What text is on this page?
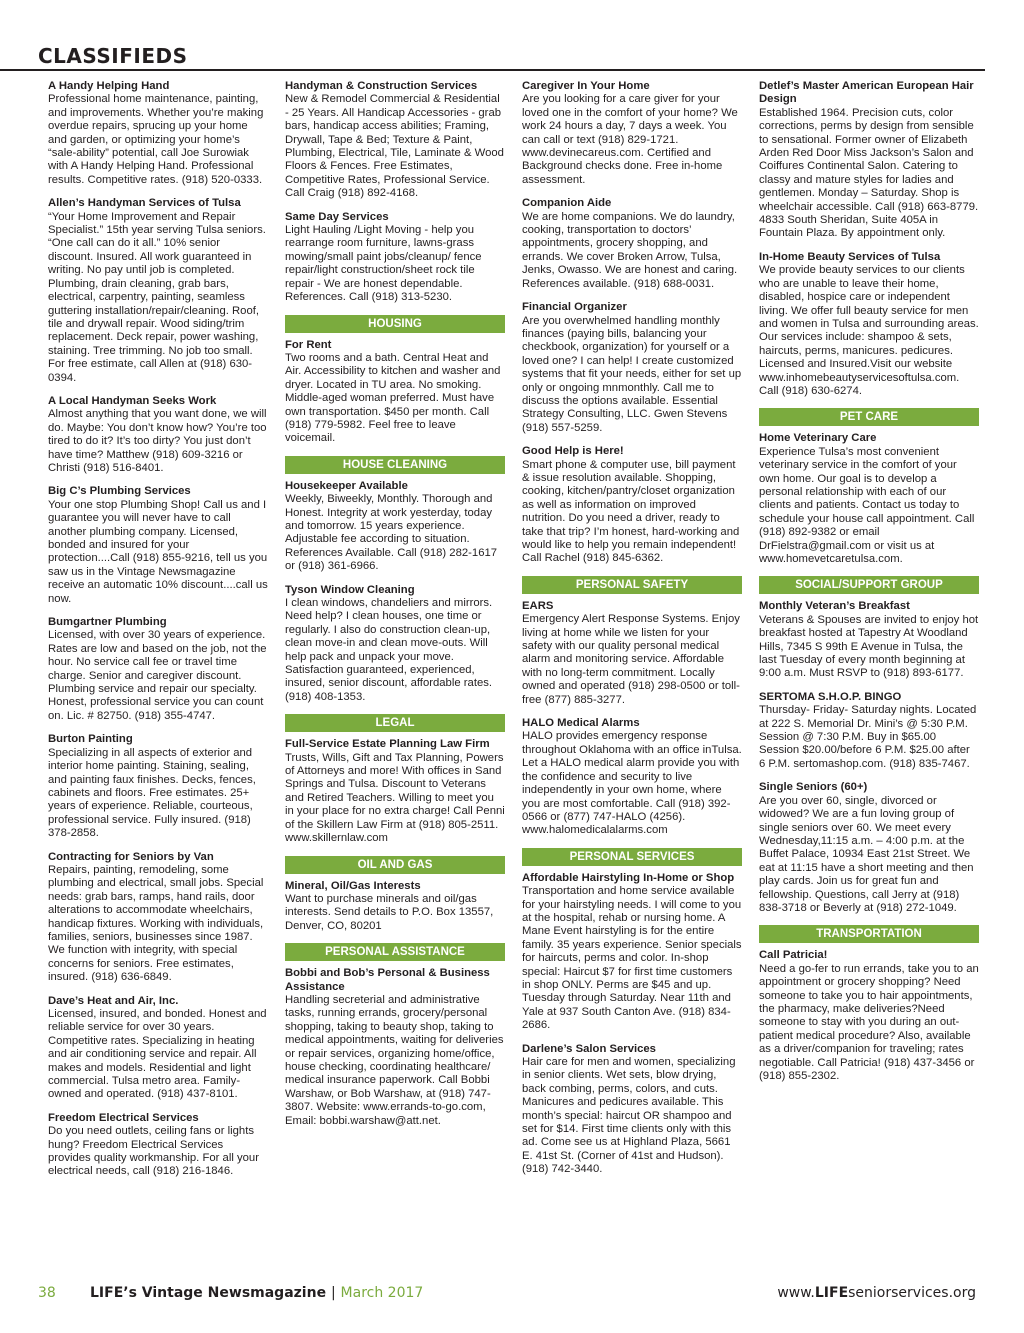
CLASSIFIEDS
A Handy Helping Hand
Professional home maintenance, painting, and improvements. Whether you’re making overdue repairs, sprucing up your home and garden, or optimizing your home’s “sale-ability” potential, call Joe Surowiak with A Handy Helping Hand. Professional results. Competitive rates. (918) 520-0333.
Allen’s Handyman Services of Tulsa
“Your Home Improvement and Repair Specialist.” 15th year serving Tulsa seniors. “One call can do it all.” 10% senior discount. Insured. All work guaranteed in writing. No pay until job is completed. Plumbing, drain cleaning, grab bars, electrical, carpentry, painting, seamless guttering installation/repair/cleaning. Roof, tile and drywall repair. Wood siding/trim replacement. Deck repair, power washing, staining. Tree trimming. No job too small. For free estimate, call Allen at (918) 630-0394.
A Local Handyman Seeks Work
Almost anything that you want done, we will do. Maybe: You don’t know how? You’re too tired to do it? It’s too dirty? You just don’t have time? Matthew (918) 609-3216 or Christi (918) 516-8401.
Big C’s Plumbing Services
Your one stop Plumbing Shop! Call us and I guarantee you will never have to call another plumbing company. Licensed, bonded and insured for your protection....Call (918) 855-9216, tell us you saw us in the Vintage Newsmagazine receive an automatic 10% discount....call us now.
Bumgartner Plumbing
Licensed, with over 30 years of experience. Rates are low and based on the job, not the hour. No service call fee or travel time charge. Senior and caregiver discount. Plumbing service and repair our specialty. Honest, professional service you can count on. Lic. # 82750. (918) 355-4747.
Burton Painting
Specializing in all aspects of exterior and interior home painting. Staining, sealing, and painting faux finishes. Decks, fences, cabinets and floors. Free estimates. 25+ years of experience. Reliable, courteous, professional service. Fully insured. (918) 378-2858.
Contracting for Seniors by Van
Repairs, painting, remodeling, some plumbing and electrical, small jobs. Special needs: grab bars, ramps, hand rails, door alterations to accommodate wheelchairs, handicap fixtures. Working with individuals, families, seniors, businesses since 1987. We function with integrity, with special concerns for seniors. Free estimates, insured. (918) 636-6849.
Dave’s Heat and Air, Inc.
Licensed, insured, and bonded. Honest and reliable service for over 30 years. Competitive rates. Specializing in heating and air conditioning service and repair. All makes and models. Residential and light commercial. Tulsa metro area. Family-owned and operated. (918) 437-8101.
Freedom Electrical Services
Do you need outlets, ceiling fans or lights hung? Freedom Electrical Services provides quality workmanship. For all your electrical needs, call (918) 216-1846.
Handyman & Construction Services
New & Remodel Commercial & Residential - 25 Years. All Handicap Accessories - grab bars, handicap access abilities; Framing, Drywall, Tape & Bed; Texture & Paint, Plumbing, Electrical, Tile, Laminate & Wood Floors & Fences. Free Estimates, Competitive Rates, Professional Service. Call Craig (918) 892-4168.
Same Day Services
Light Hauling /Light Moving - help you rearrange room furniture, lawns-grass mowing/small paint jobs/cleanup/ fence repair/light construction/sheet rock tile repair - We are honest dependable. References. Call (918) 313-5230.
HOUSING
For Rent
Two rooms and a bath. Central Heat and Air. Accessibility to kitchen and washer and dryer. Located in TU area. No smoking. Middle-aged woman preferred. Must have own transportation. $450 per month. Call (918) 779-5982. Feel free to leave voicemail.
HOUSE CLEANING
Housekeeper Available
Weekly, Biweekly, Monthly. Thorough and Honest. Integrity at work yesterday, today and tomorrow. 15 years experience. Adjustable fee according to situation. References Available. Call (918) 282-1617 or (918) 361-6966.
Tyson Window Cleaning
I clean windows, chandeliers and mirrors. Need help? I clean houses, one time or regularly. I also do construction clean-up, clean move-in and clean move-outs. Will help pack and unpack your move. Satisfaction guaranteed, experienced, insured, senior discount, affordable rates. (918) 408-1353.
LEGAL
Full-Service Estate Planning Law Firm
Trusts, Wills, Gift and Tax Planning, Powers of Attorneys and more! With offices in Sand Springs and Tulsa. Discount to Veterans and Retired Teachers. Willing to meet you in your place for no extra charge! Call Penni of the Skillern Law Firm at (918) 805-2511. www.skillernlaw.com
OIL AND GAS
Mineral, Oil/Gas Interests
Want to purchase minerals and oil/gas interests. Send details to P.O. Box 13557, Denver, CO, 80201
PERSONAL ASSISTANCE
Bobbi and Bob’s Personal & Business Assistance
Handling secreterial and administrative tasks, running errands, grocery/personal shopping, taking to beauty shop, taking to medical appointments, waiting for deliveries or repair services, organizing home/office, house checking, coordinating healthcare/ medical insurance paperwork. Call Bobbi Warshaw, or Bob Warshaw, at (918) 747-3807. Website: www.errands-to-go.com, Email: bobbi.warshaw@att.net.
Caregiver In Your Home
Are you looking for a care giver for your loved one in the comfort of your home? We work 24 hours a day, 7 days a week. You can call or text (918) 829-1721. www.devinecareus.com. Certified and Background checks done. Free in-home assessment.
Companion Aide
We are home companions. We do laundry, cooking, transportation to doctors’ appointments, grocery shopping, and errands. We cover Broken Arrow, Tulsa, Jenks, Owasso. We are honest and caring. References available. (918) 688-0031.
Financial Organizer
Are you overwhelmed handling monthly finances (paying bills, balancing your checkbook, organization) for yourself or a loved one? I can help! I create customized systems that fit your needs, either for set up only or ongoing mnmonthly. Call me to discuss the options available. Essential Strategy Consulting, LLC. Gwen Stevens (918) 557-5259.
Good Help is Here!
Smart phone & computer use, bill payment & issue resolution available. Shopping, cooking, kitchen/pantry/closet organization as well as information on improved nutrition. Do you need a driver, ready to take that trip? I’m honest, hard-working and would like to help you remain independent! Call Rachel (918) 845-6362.
PERSONAL SAFETY
EARS
Emergency Alert Response Systems. Enjoy living at home while we listen for your safety with our quality personal medical alarm and monitoring service. Affordable with no long-term commitment. Locally owned and operated (918) 298-0500 or toll-free (877) 885-3277.
HALO Medical Alarms
HALO provides emergency response throughout Oklahoma with an office inTulsa. Let a HALO medical alarm provide you with the confidence and security to live independently in your own home, where you are most comfortable. Call (918) 392-0566 or (877) 747-HALO (4256). www.halomedicalalarms.com
PERSONAL SERVICES
Affordable Hairstyling In-Home or Shop
Transportation and home service available for your hairstyling needs. I will come to you at the hospital, rehab or nursing home. A Mane Event hairstyling is for the entire family. 35 years experience. Senior specials for haircuts, perms and color. In-shop special: Haircut $7 for first time customers in shop ONLY. Perms are $45 and up. Tuesday through Saturday. Near 11th and Yale at 937 South Canton Ave. (918) 834-2686.
Darlene’s Salon Services
Hair care for men and women, specializing in senior clients. Wet sets, blow drying, back combing, perms, colors, and cuts. Manicures and pedicures available. This month’s special: haircut OR shampoo and set for $14. First time clients only with this ad. Come see us at Highland Plaza, 5661 E. 41st St. (Corner of 41st and Hudson). (918) 742-3440.
Detlef’s Master American European Hair Design
Established 1964. Precision cuts, color corrections, perms by design from sensible to sensational. Former owner of Elizabeth Arden Red Door Miss Jackson’s Salon and Coiffures Continental Salon. Catering to classy and mature styles for ladies and gentlemen. Monday – Saturday. Shop is wheelchair accessible. Call (918) 663-8779. 4833 South Sheridan, Suite 405A in Fountain Plaza. By appointment only.
In-Home Beauty Services of Tulsa
We provide beauty services to our clients who are unable to leave their home, disabled, hospice care or independent living. We offer full beauty service for men and women in Tulsa and surrounding areas. Our services include: shampoo & sets, haircuts, perms, manicures. pedicures. Licensed and Insured.Visit our website www.inhomebeautyservicesoftulsa.com. Call (918) 630-6274.
PET CARE
Home Veterinary Care
Experience Tulsa’s most convenient veterinary service in the comfort of your own home. Our goal is to develop a personal relationship with each of our clients and patients. Contact us today to schedule your house call appointment. Call (918) 892-9382 or email DrFielstra@gmail.com or visit us at www.homevetcaretulsa.com.
SOCIAL/SUPPORT GROUP
Monthly Veteran’s Breakfast
Veterans & Spouses are invited to enjoy hot breakfast hosted at Tapestry At Woodland Hills, 7345 S 99th E Avenue in Tulsa, the last Tuesday of every month beginning at 9:00 a.m. Must RSVP to (918) 893-6177.
SERTOMA S.H.O.P. BINGO
Thursday- Friday- Saturday nights. Located at 222 S. Memorial Dr. Mini’s @ 5:30 P.M. Session @ 7:30 P.M. Buy in $65.00 Session $20.00/before 6 P.M. $25.00 after 6 P.M. sertomashop.com. (918) 835-7467.
Single Seniors (60+)
Are you over 60, single, divorced or widowed? We are a fun loving group of single seniors over 60. We meet every Wednesday,11:15 a.m. – 4:00 p.m. at the Buffet Palace, 10934 East 21st Street. We eat at 11:15 have a short meeting and then play cards. Join us for great fun and fellowship. Questions, call Jerry at (918) 838-3718 or Beverly at (918) 272-1049.
TRANSPORTATION
Call Patricia!
Need a go-fer to run errands, take you to an appointment or grocery shopping? Need someone to take you to hair appointments, the pharmacy, make deliveries?Need someone to stay with you during an out-patient medical procedure? Also, available as a driver/companion for traveling; rates negotiable. Call Patricia! (918) 437-3456 or (918) 855-2302.
38 LIFE’s Vintage Newsmagazine | March 2017	www.LIFEseniorservices.org
